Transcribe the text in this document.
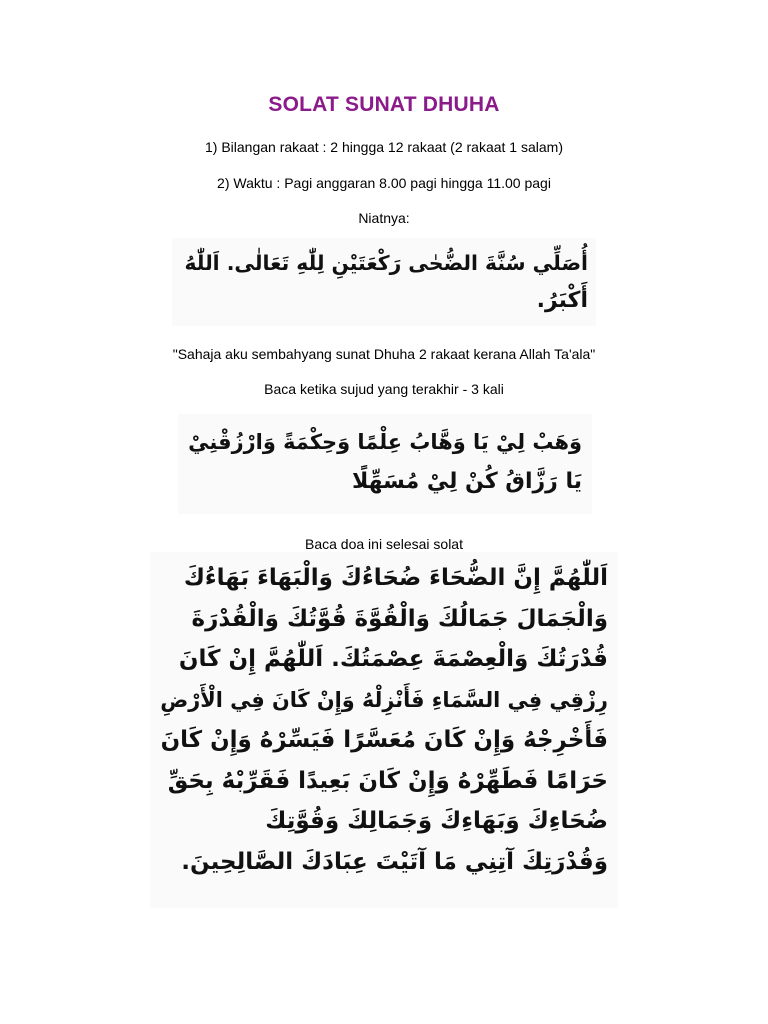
SOLAT SUNAT DHUHA
1) Bilangan rakaat : 2 hingga 12 rakaat (2 rakaat 1 salam)
2) Waktu : Pagi anggaran 8.00 pagi hingga 11.00 pagi
Niatnya:
أُصَلِّي سُنَّةَ الضُّحٰى رَكْعَتَيْنِ لِلّٰهِ تَعَالٰى. اَللّٰهُ
أَكْبَرُ.
"Sahaja aku sembahyang sunat Dhuha 2 rakaat kerana Allah Ta'ala"
Baca ketika sujud yang terakhir - 3 kali
وَهَبْ لِيْ يَا وَهَّابُ عِلْمًا وَحِكْمَةً وَارْزُقْنِيْ
يَا رَزَّاقُ كُنْ لِيْ مُسَهِّلًا
Baca doa ini selesai solat
اَللّٰهُمَّ إِنَّ الضُّحَاءَ ضُحَاءُكَ وَالْبَهَاءَ بَهَاءُكَ
وَالْجَمَالَ جَمَالُكَ وَالْقُوَّةَ قُوَّتُكَ وَالْقُدْرَةَ
قُدْرَتُكَ وَالْعِصْمَةَ عِصْمَتُكَ. اَللّٰهُمَّ إِنْ كَانَ
رِزْقِي فِي السَّمَاءِ فَأَنْزِلْهُ وَإِنْ كَانَ فِي الْأَرْضِ
فَأَخْرِجْهُ وَإِنْ كَانَ مُعَسَّرًا فَيَسِّرْهُ وَإِنْ كَانَ
حَرَامًا فَطَهِّرْهُ وَإِنْ كَانَ بَعِيدًا فَقَرِّبْهُ بِحَقِّ
ضُحَاءِكَ وَبَهَاءِكَ وَجَمَالِكَ وَقُوَّتِكَ
وَقُدْرَتِكَ آتِنِي مَا آتَيْتَ عِبَادَكَ الصَّالِحِينَ.
